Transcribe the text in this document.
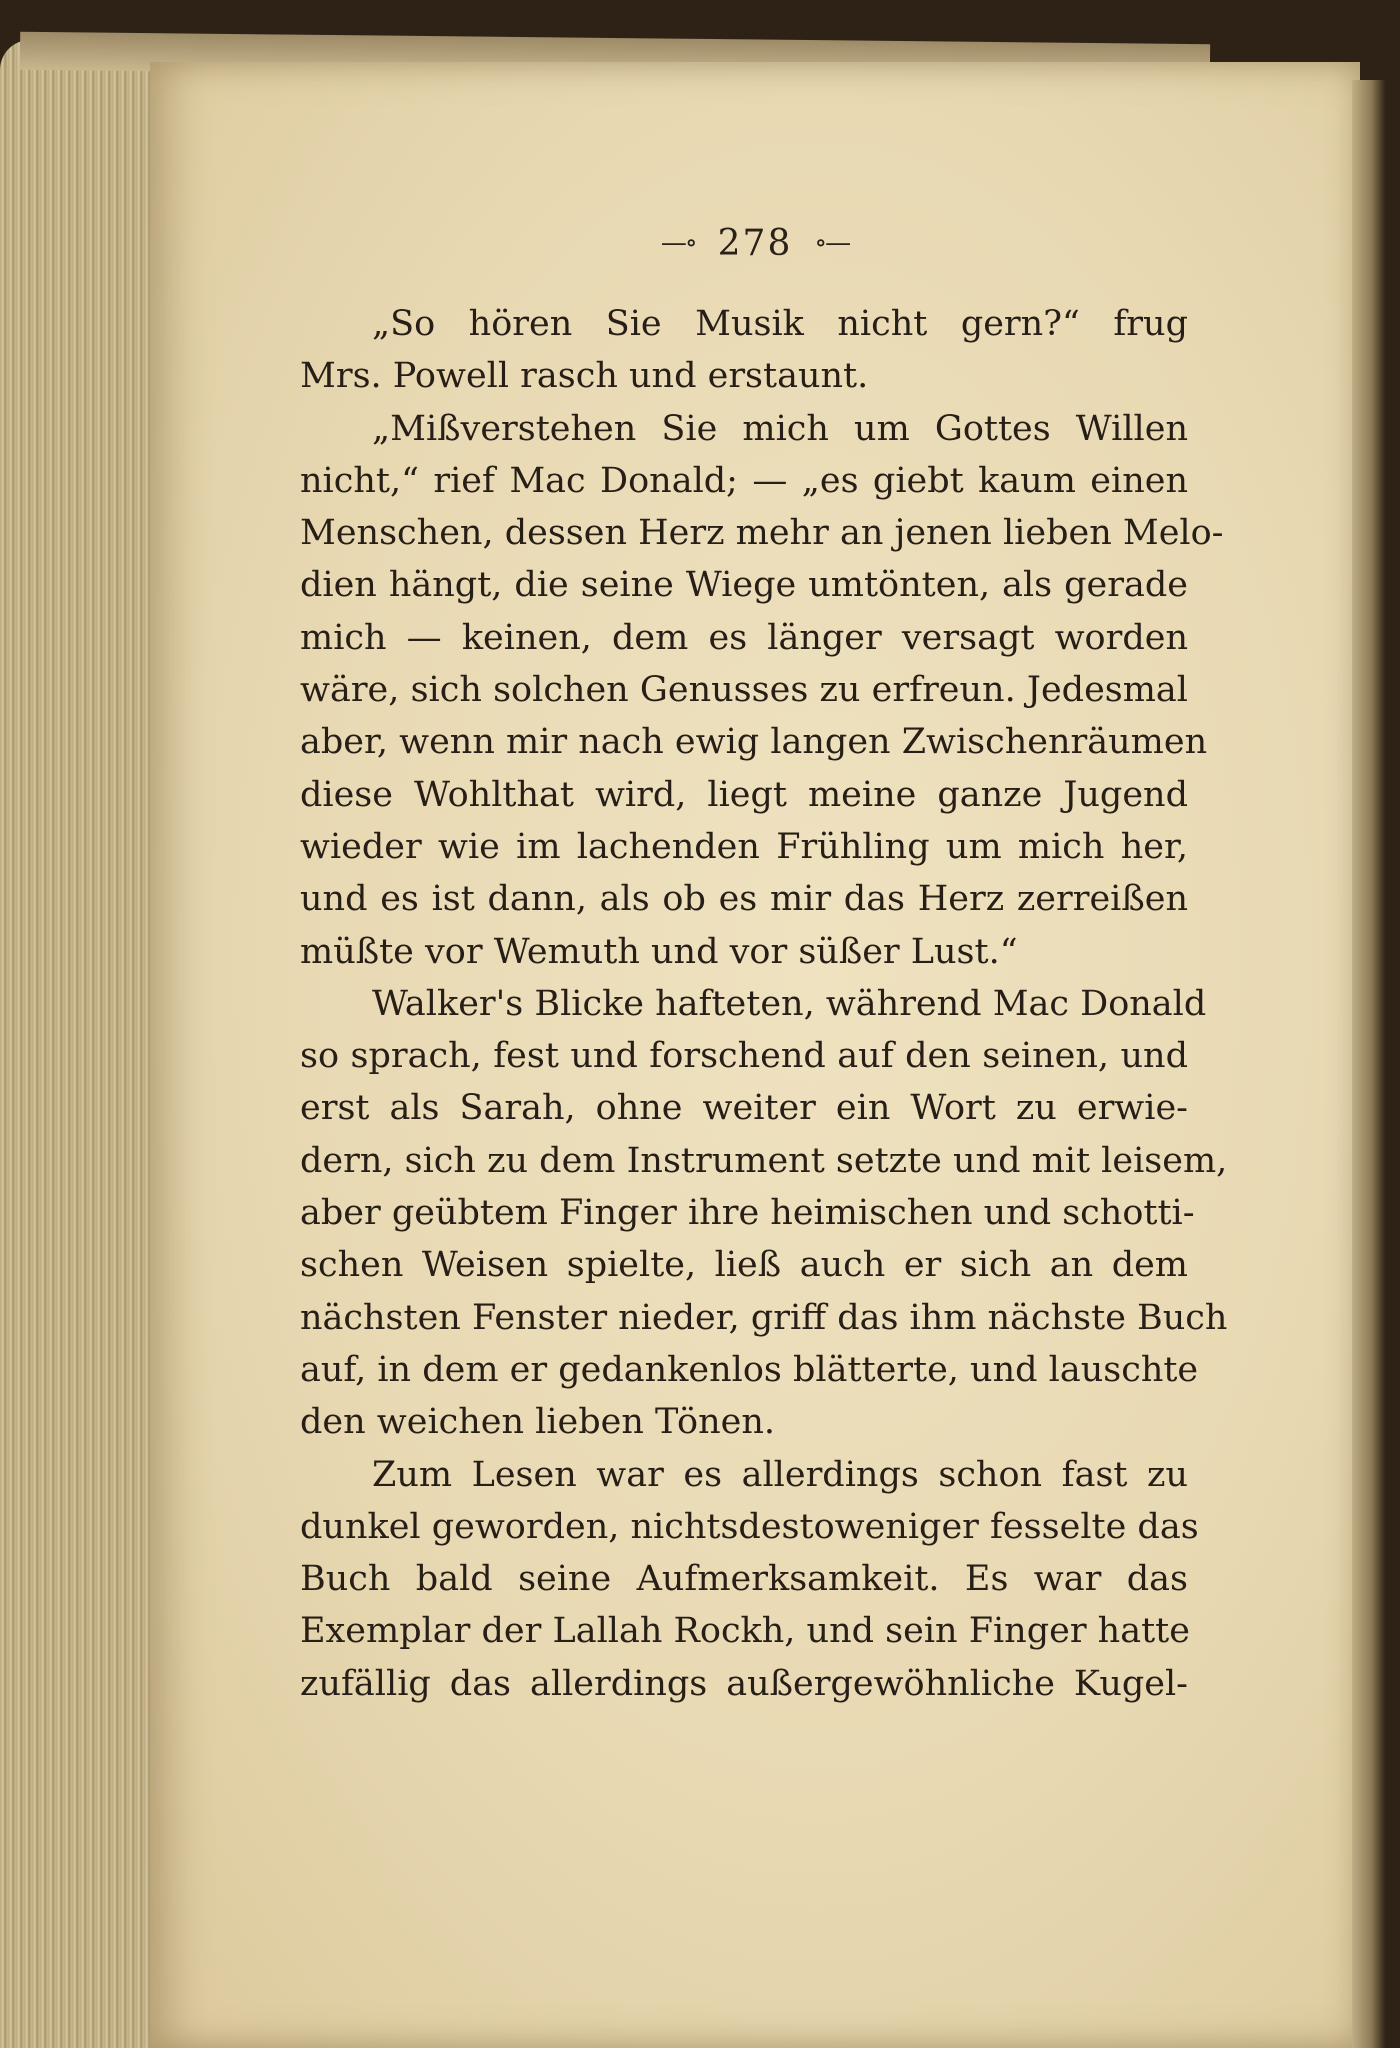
—∘ 278 ∘—
„So hören Sie Musik nicht gern?“ frug
Mrs. Powell rasch und erstaunt.
„Mißverstehen Sie mich um Gottes Willen
nicht,“ rief Mac Donald; — „es giebt kaum einen
Menschen, dessen Herz mehr an jenen lieben Melo-
dien hängt, die seine Wiege umtönten, als gerade
mich — keinen, dem es länger versagt worden
wäre, sich solchen Genusses zu erfreun. Jedesmal
aber, wenn mir nach ewig langen Zwischenräumen
diese Wohlthat wird, liegt meine ganze Jugend
wieder wie im lachenden Frühling um mich her,
und es ist dann, als ob es mir das Herz zerreißen
müßte vor Wemuth und vor süßer Lust.“
Walker's Blicke hafteten, während Mac Donald
so sprach, fest und forschend auf den seinen, und
erst als Sarah, ohne weiter ein Wort zu erwie-
dern, sich zu dem Instrument setzte und mit leisem,
aber geübtem Finger ihre heimischen und schotti-
schen Weisen spielte, ließ auch er sich an dem
nächsten Fenster nieder, griff das ihm nächste Buch
auf, in dem er gedankenlos blätterte, und lauschte
den weichen lieben Tönen.
Zum Lesen war es allerdings schon fast zu
dunkel geworden, nichtsdestoweniger fesselte das
Buch bald seine Aufmerksamkeit. Es war das
Exemplar der Lallah Rockh, und sein Finger hatte
zufällig das allerdings außergewöhnliche Kugel-
